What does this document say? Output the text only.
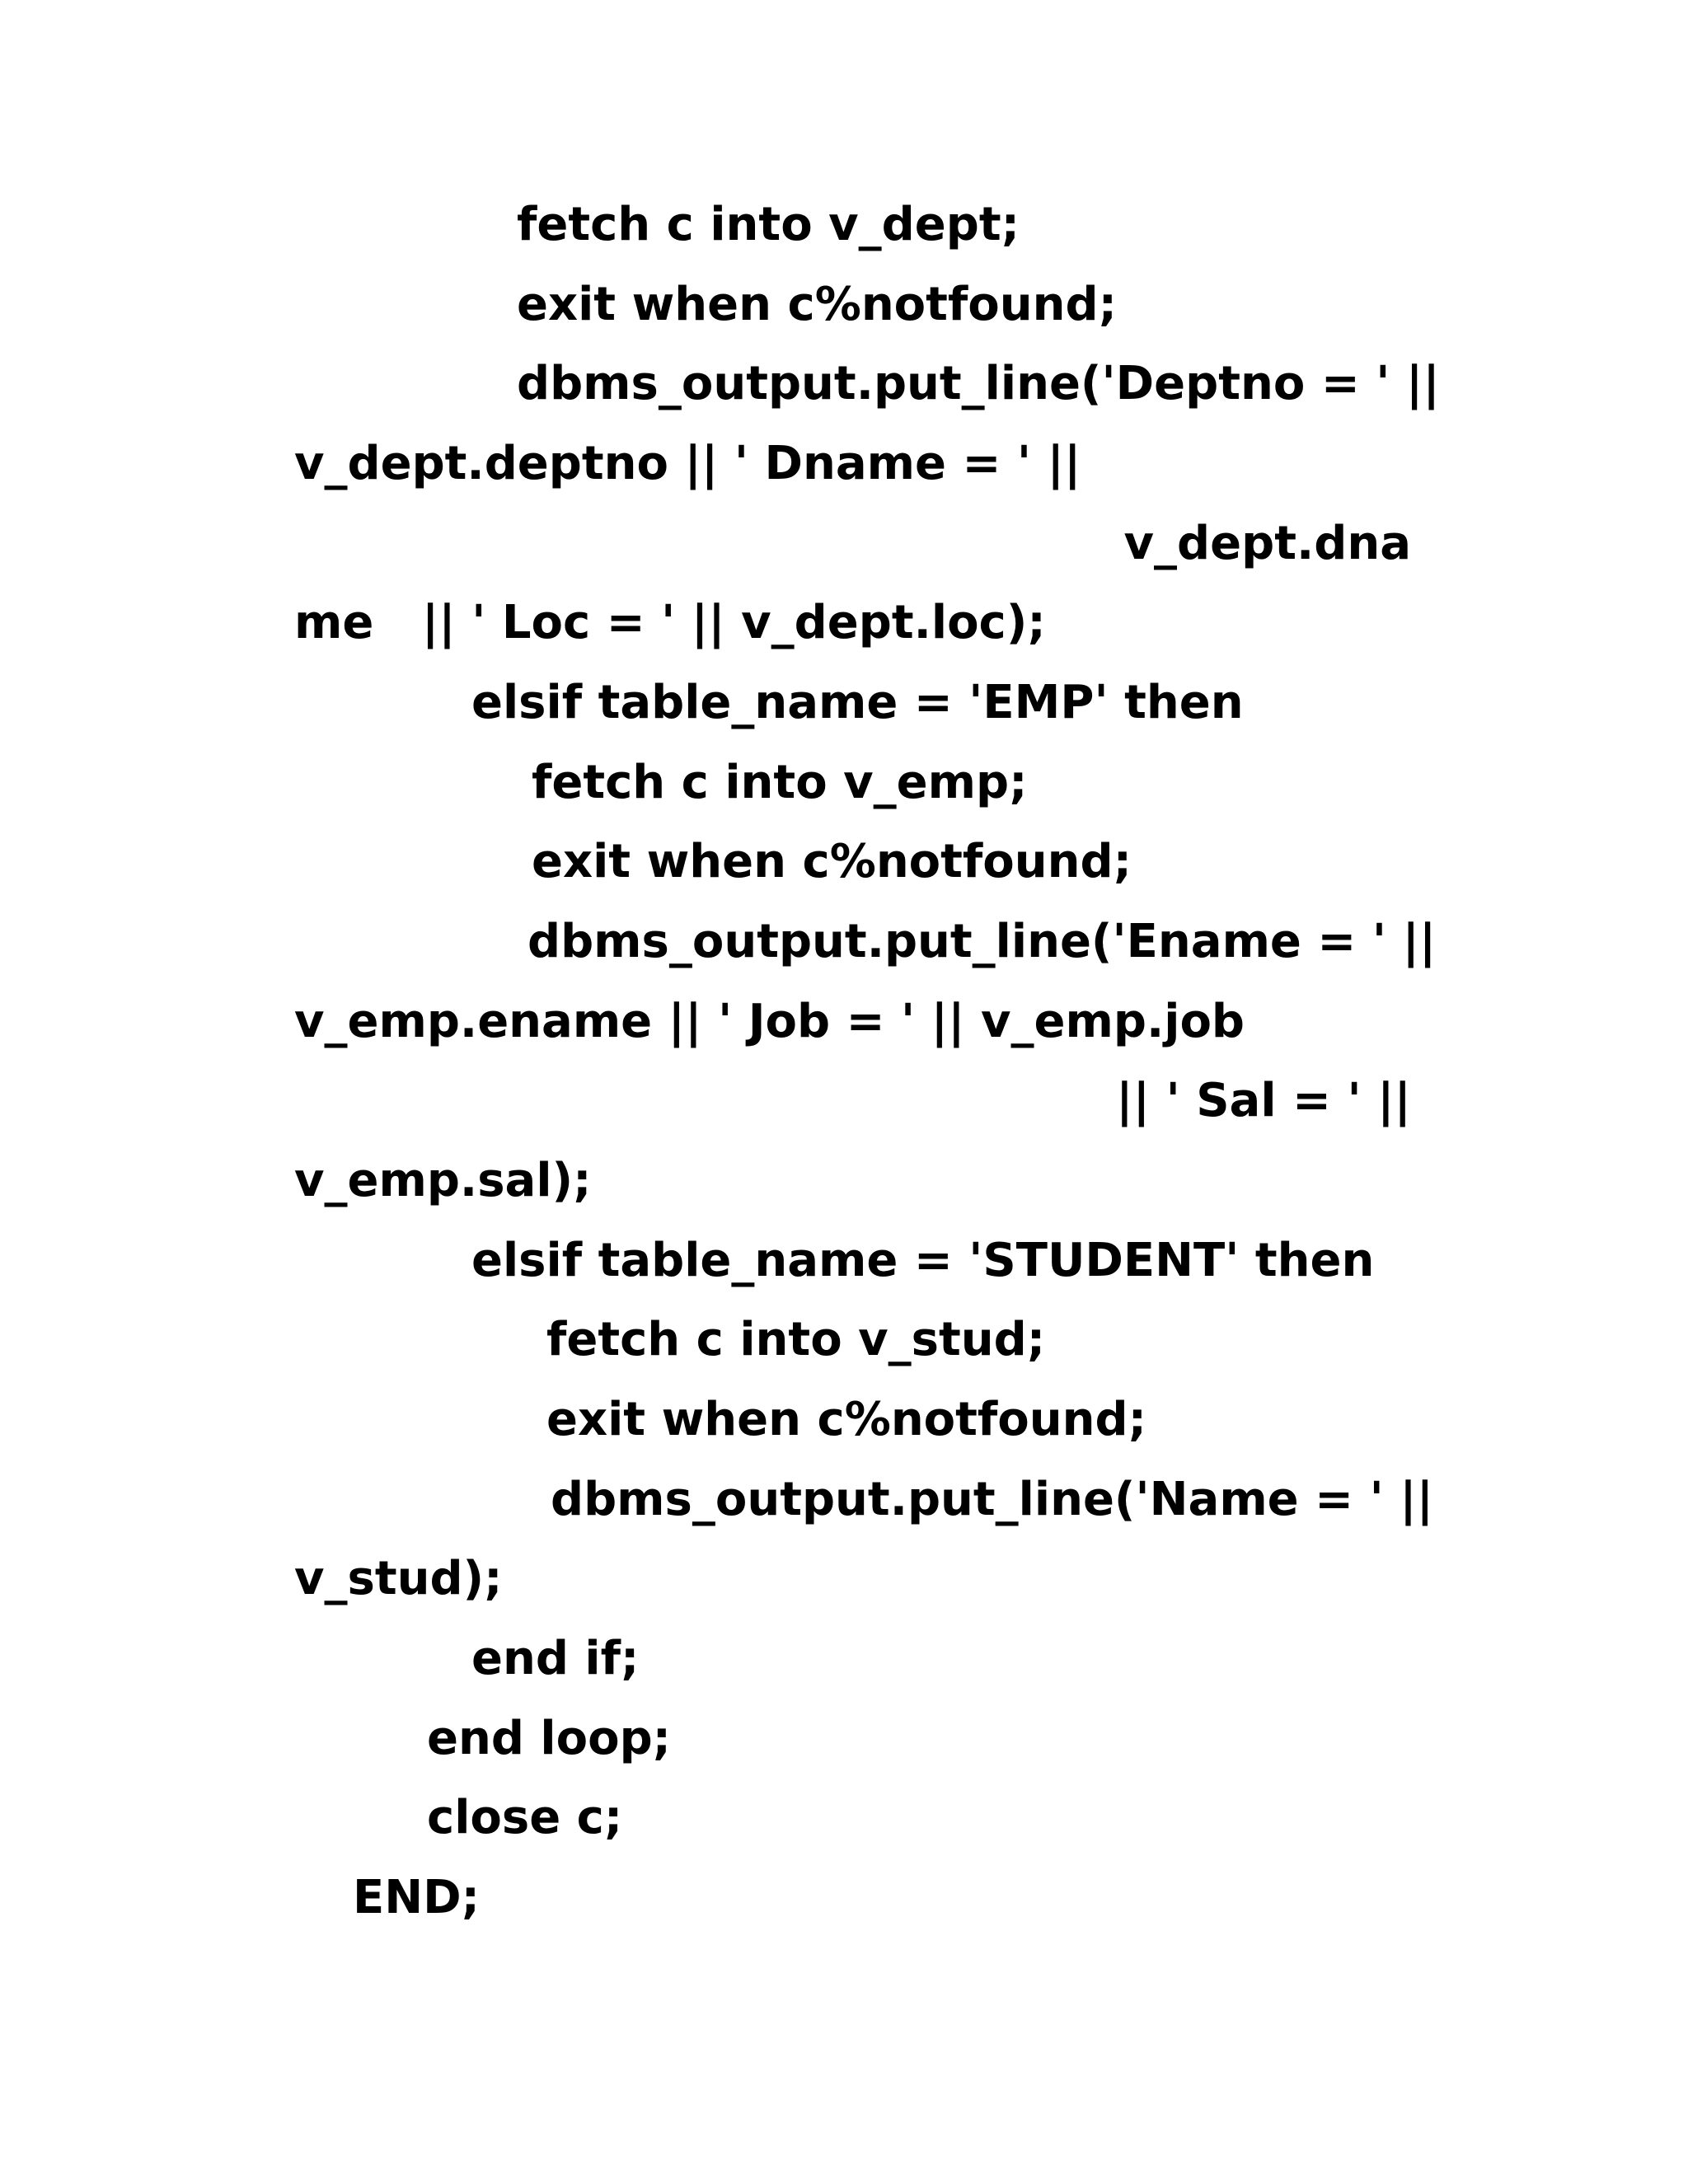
fetch c into v_dept;
exit when c%notfound;
dbms_output.put_line('Deptno = ' ||
v_dept.deptno || ' Dname = ' ||
v_dept.dna
me   || ' Loc = ' || v_dept.loc);
elsif table_name = 'EMP' then
fetch c into v_emp;
exit when c%notfound;
dbms_output.put_line('Ename = ' ||
v_emp.ename || ' Job = ' || v_emp.job
|| ' Sal = ' ||
v_emp.sal);
elsif table_name = 'STUDENT' then
fetch c into v_stud;
exit when c%notfound;
dbms_output.put_line('Name = ' ||
v_stud);
end if;
end loop;
close c;
END;
